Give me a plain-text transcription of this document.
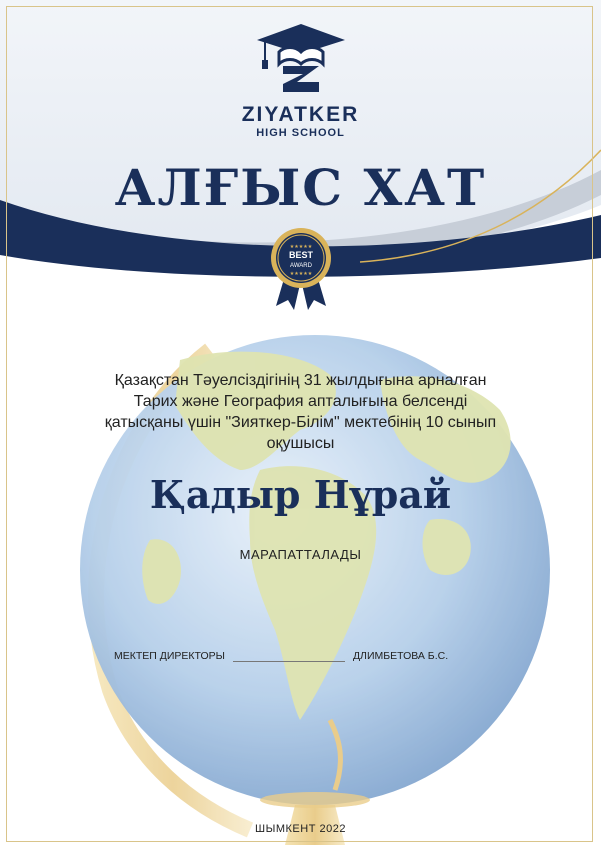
ZIYATKER
HIGH SCHOOL
АЛҒЫС ХАТ
BEST
AWARD
★★★★★
★★★★★
Қазақстан Тәуелсіздігінің 31 жылдығына арналған
Тарих және География апталығына белсенді
қатысқаны үшін "Зияткер-Білім" мектебінің 10 сынып
оқушысы
Қадыр Нұрай
МАРАПАТТАЛАДЫ
МЕКТЕП ДИРЕКТОРЫ	ДЛИМБЕТОВА Б.С.
ШЫМКЕНТ 2022
